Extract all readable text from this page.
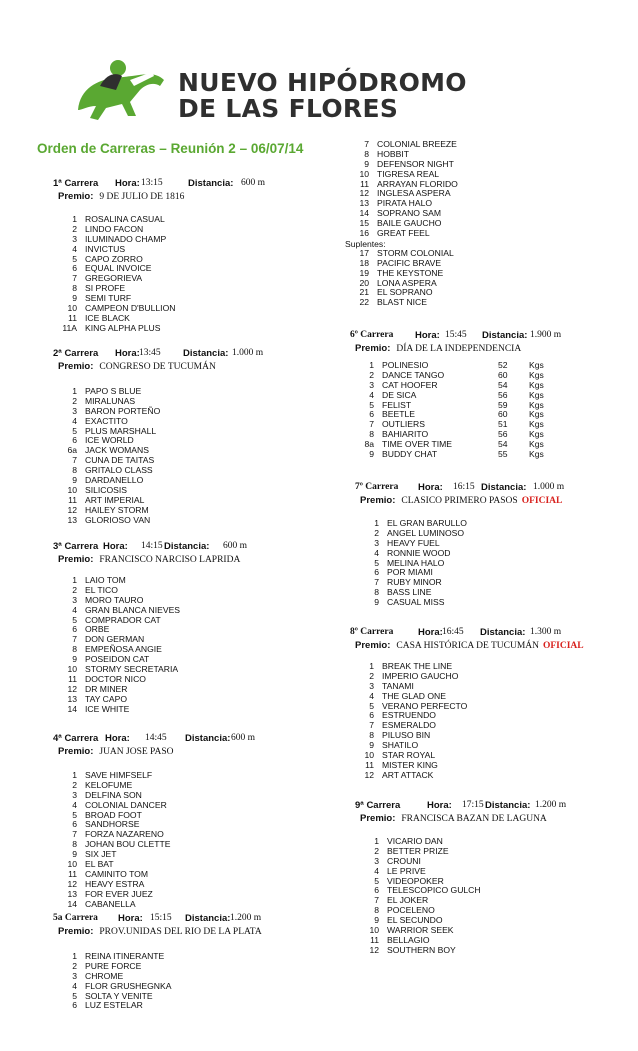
NUEVO HIPÓDROMO
DE LAS FLORES
Orden de Carreras – Reunión 2 – 06/07/14
1ª Carrera Hora: 13:15	Distancia: 600 m
Premio: 9 DE JULIO DE 1816
1 ROSALINA CASUAL
2 LINDO FACON
3 ILUMINADO CHAMP
4 INVICTUS
5 CAPO ZORRO
6 EQUAL INVOICE
7 GREGORIEVA
8 SI PROFE
9 SEMI TURF
10 CAMPEON D'BULLION
11 ICE BLACK
11A KING ALPHA PLUS
2ª Carrera Hora: 13:45 Distancia: 1.000 m
Premio: CONGRESO DE TUCUMÁN
1 PAPO S BLUE
2 MIRALUNAS
3 BARON PORTEÑO
4 EXACTITO
5 PLUS MARSHALL
6 ICE WORLD
6a JACK WOMANS
7 CUNA DE TAITAS
8 GRITALO CLASS
9 DARDANELLO
10 SILICOSIS
11 ART IMPERIAL
12 HAILEY STORM
13 GLORIOSO VAN
3ª Carrera Hora: 14:15 Distancia: 600 m
Premio: FRANCISCO NARCISO LAPRIDA
1 LAIO TOM
2 EL TICO
3 MORO TAURO
4 GRAN BLANCA NIEVES
5 COMPRADOR CAT
6 ORBE
7 DON GERMAN
8 EMPEÑOSA ANGIE
9 POSEIDON CAT
10 STORMY SECRETARIA
11 DOCTOR NICO
12 DR MINER
13 TAY CAPO
14 ICE WHITE
4ª Carrera Hora: 14:45 Distancia: 600 m
Premio: JUAN JOSE PASO
1 SAVE HIMFSELF
2 KELOFUME
3 DELFINA SON
4 COLONIAL DANCER
5 BROAD FOOT
6 SANDHORSE
7 FORZA NAZARENO
8 JOHAN BOU CLETTE
9 SIX JET
10 EL BAT
11 CAMINITO TOM
12 HEAVY ESTRA
13 FOR EVER JUEZ
14 CABANELLA
5a Carrera Hora: 15:15 Distancia: 1.200 m
Premio: PROV.UNIDAS DEL RIO DE LA PLATA
1 REINA ITINERANTE
2 PURE FORCE
3 CHROME
4 FLOR GRUSHEGNKA
5 SOLTA Y VENITE
6 LUZ ESTELAR
7 COLONIAL BREEZE
8 HOBBIT
9 DEFENSOR NIGHT
10 TIGRESA REAL
11 ARRAYAN FLORIDO
12 INGLESA ASPERA
13 PIRATA HALO
14 SOPRANO SAM
15 BAILE GAUCHO
16 GREAT FEEL
Suplentes:
17 STORM COLONIAL
18 PACIFIC BRAVE
19 THE KEYSTONE
20 LONA ASPERA
21 EL SOPRANO
22 BLAST NICE
6º Carrera Hora: 15:45 Distancia: 1.900 m
Premio: DÍA DE LA INDEPENDENCIA
1 POLINESIO	52 Kgs
2 DANCE TANGO	60 Kgs
3 CAT HOOFER	54 Kgs
4 DE SICA	56 Kgs
5 FELIST	59 Kgs
6 BEETLE	60 Kgs
7 OUTLIERS	51 Kgs
8 BAHIARITO	56 Kgs
8a TIME OVER TIME	54 Kgs
9 BUDDY CHAT	55 Kgs
7º Carrera Hora: 16:15 Distancia: 1.000 m
Premio: CLASICO PRIMERO PASOS OFICIAL
1 EL GRAN BARULLO
2 ANGEL LUMINOSO
3 HEAVY FUEL
4 RONNIE WOOD
5 MELINA HALO
6 POR MIAMI
7 RUBY MINOR
8 BASS LINE
9 CASUAL MISS
8º Carrera	Hora: 16:45 Distancia: 1.300 m
Premio: CASA HISTÓRICA DE TUCUMÁN OFICIAL
1 BREAK THE LINE
2 IMPERIO GAUCHO
3 TANAMI
4 THE GLAD ONE
5 VERANO PERFECTO
6 ESTRUENDO
7 ESMERALDO
8 PILUSO BIN
9 SHATILO
10 STAR ROYAL
11 MISTER KING
12 ART ATTACK
9ª Carrera	Hora: 17:15 Distancia: 1.200 m
Premio: FRANCISCA BAZAN DE LAGUNA
1 VICARIO DAN
2 BETTER PRIZE
3 CROUNI
4 LE PRIVE
5 VIDEOPOKER
6 TELESCOPICO GULCH
7 EL JOKER
8 POCELENO
9 EL SECUNDO
10 WARRIOR SEEK
11 BELLAGIO
12 SOUTHERN BOY
